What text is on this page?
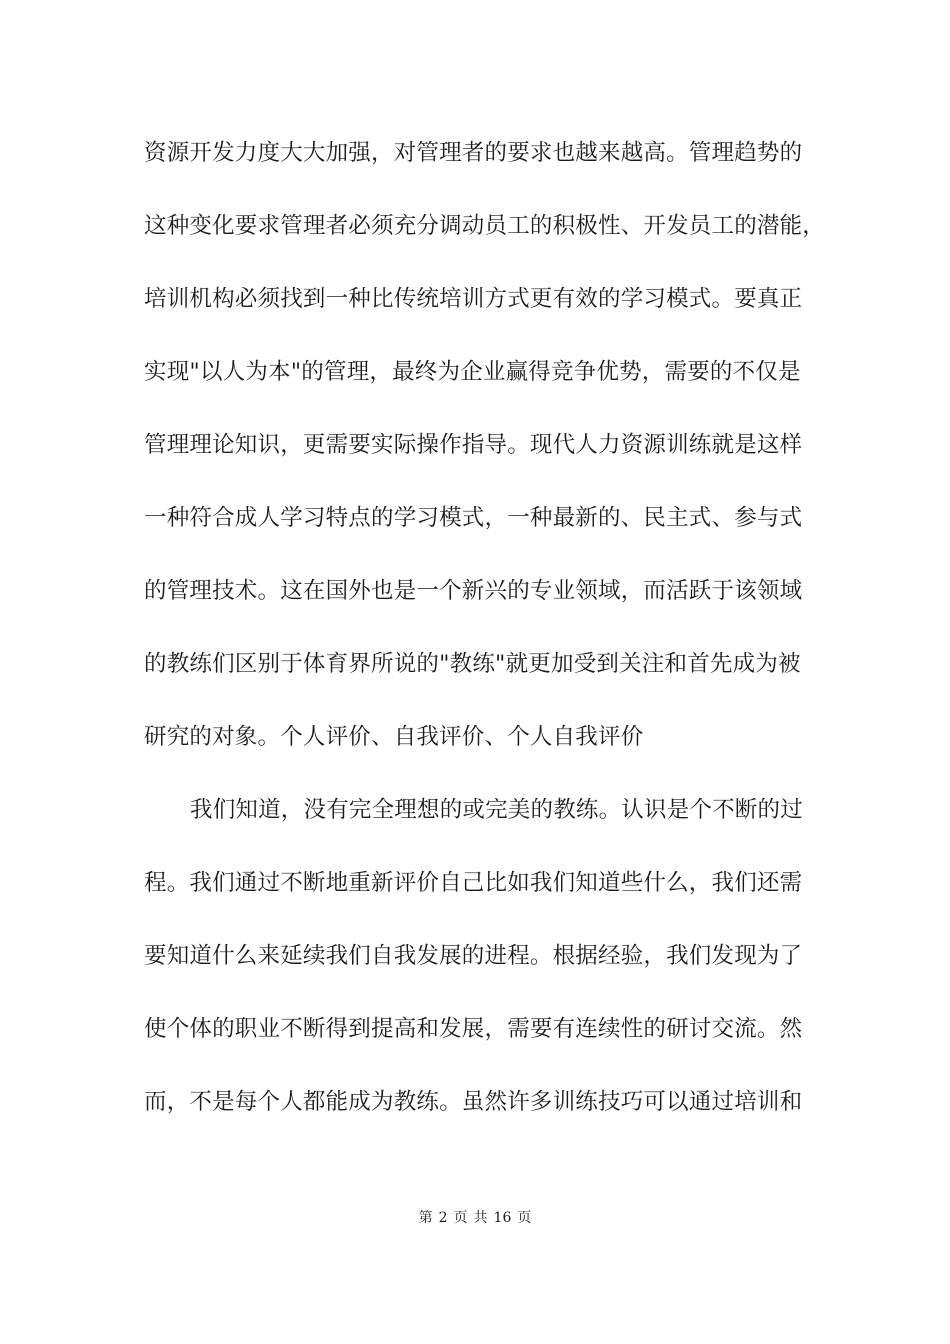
资源开发力度大大加强，对管理者的要求也越来越高。管理趋势的
这种变化要求管理者必须充分调动员工的积极性、开发员工的潜能，
培训机构必须找到一种比传统培训方式更有效的学习模式。要真正
实现"以人为本"的管理，最终为企业赢得竞争优势，需要的不仅是
管理理论知识，更需要实际操作指导。现代人力资源训练就是这样
一种符合成人学习特点的学习模式，一种最新的、民主式、参与式
的管理技术。这在国外也是一个新兴的专业领域，而活跃于该领域
的教练们区别于体育界所说的"教练"就更加受到关注和首先成为被
研究的对象。个人评价、自我评价、个人自我评价
我们知道，没有完全理想的或完美的教练。认识是个不断的过
程。我们通过不断地重新评价自己比如我们知道些什么，我们还需
要知道什么来延续我们自我发展的进程。根据经验，我们发现为了
使个体的职业不断得到提高和发展，需要有连续性的研讨交流。然
而，不是每个人都能成为教练。虽然许多训练技巧可以通过培训和
第 2 页 共 16 页
